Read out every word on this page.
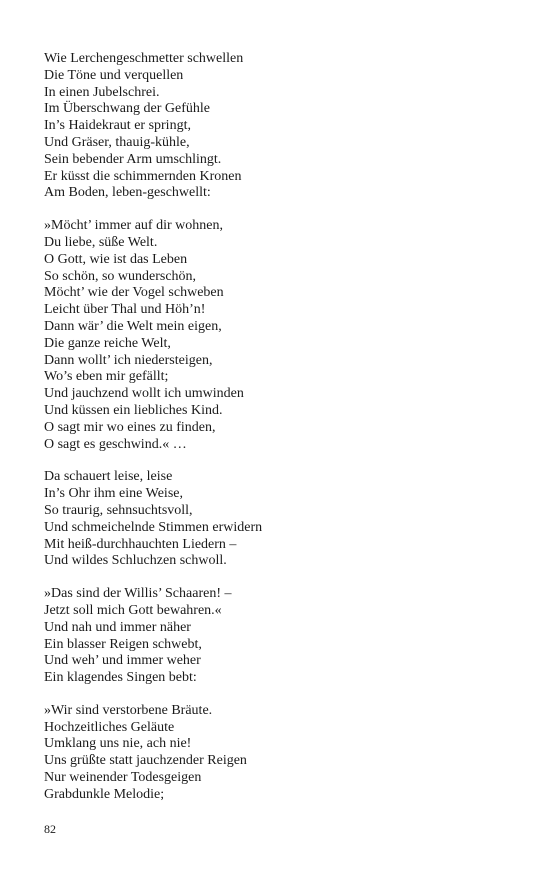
Wie Lerchengeschmetter schwellen
Die Töne und verquellen
In einen Jubelschrei.
Im Überschwang der Gefühle
In’s Haidekraut er springt,
Und Gräser, thauig-kühle,
Sein bebender Arm umschlingt.
Er küsst die schimmernden Kronen
Am Boden, leben-geschwellt:
»Möcht’ immer auf dir wohnen,
Du liebe, süße Welt.
O Gott, wie ist das Leben
So schön, so wunderschön,
Möcht’ wie der Vogel schweben
Leicht über Thal und Höh’n!
Dann wär’ die Welt mein eigen,
Die ganze reiche Welt,
Dann wollt’ ich niedersteigen,
Wo’s eben mir gefällt;
Und jauchzend wollt ich umwinden
Und küssen ein liebliches Kind.
O sagt mir wo eines zu finden,
O sagt es geschwind.« …
Da schauert leise, leise
In’s Ohr ihm eine Weise,
So traurig, sehnsuchtsvoll,
Und schmeichelnde Stimmen erwidern
Mit heiß-durchhauchten Liedern –
Und wildes Schluchzen schwoll.
»Das sind der Willis’ Schaaren! –
Jetzt soll mich Gott bewahren.«
Und nah und immer näher
Ein blasser Reigen schwebt,
Und weh’ und immer weher
Ein klagendes Singen bebt:
»Wir sind verstorbene Bräute.
Hochzeitliches Geläute
Umklang uns nie, ach nie!
Uns grüßte statt jauchzender Reigen
Nur weinender Todesgeigen
Grabdunkle Melodie;
82
